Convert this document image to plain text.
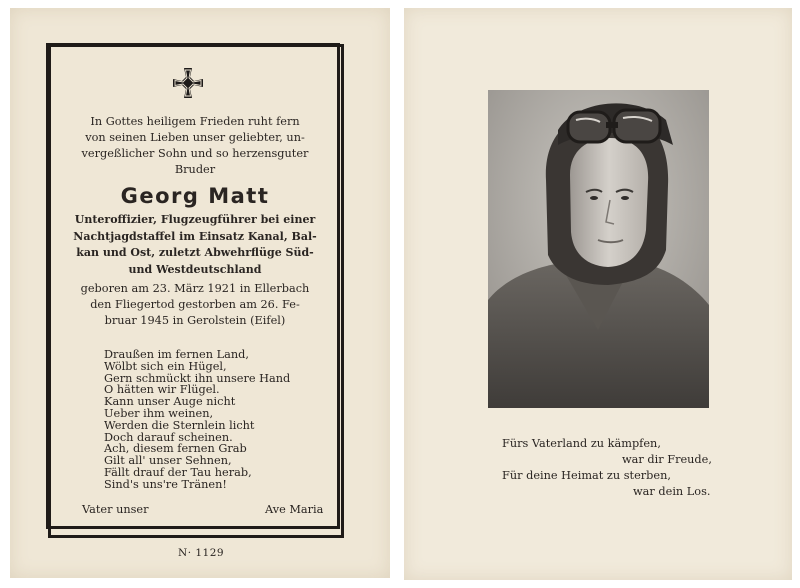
In Gottes heiligem Frieden ruht fern
von seinen Lieben unser geliebter, un-
vergeßlicher Sohn und so herzensguter
Bruder
Georg Matt
Unteroffizier, Flugzeugführer bei einer
Nachtjagdstaffel im Einsatz Kanal, Bal-
kan und Ost, zuletzt Abwehrflüge Süd-
und Westdeutschland
geboren am 23. März 1921 in Ellerbach
den Fliegertod gestorben am 26. Fe-
bruar 1945 in Gerolstein (Eifel)
Draußen im fernen Land,
Wölbt sich ein Hügel,
Gern schmückt ihn unsere Hand
O hätten wir Flügel.
Kann unser Auge nicht
Ueber ihm weinen,
Werden die Sternlein licht
Doch darauf scheinen.
Ach, diesem fernen Grab
Gilt all' unser Sehnen,
Fällt drauf der Tau herab,
Sind's uns're Tränen!
Vater unser	Ave Maria
N· 1129
Fürs Vaterland zu kämpfen,
war dir Freude,
Für deine Heimat zu sterben,
war dein Los.
